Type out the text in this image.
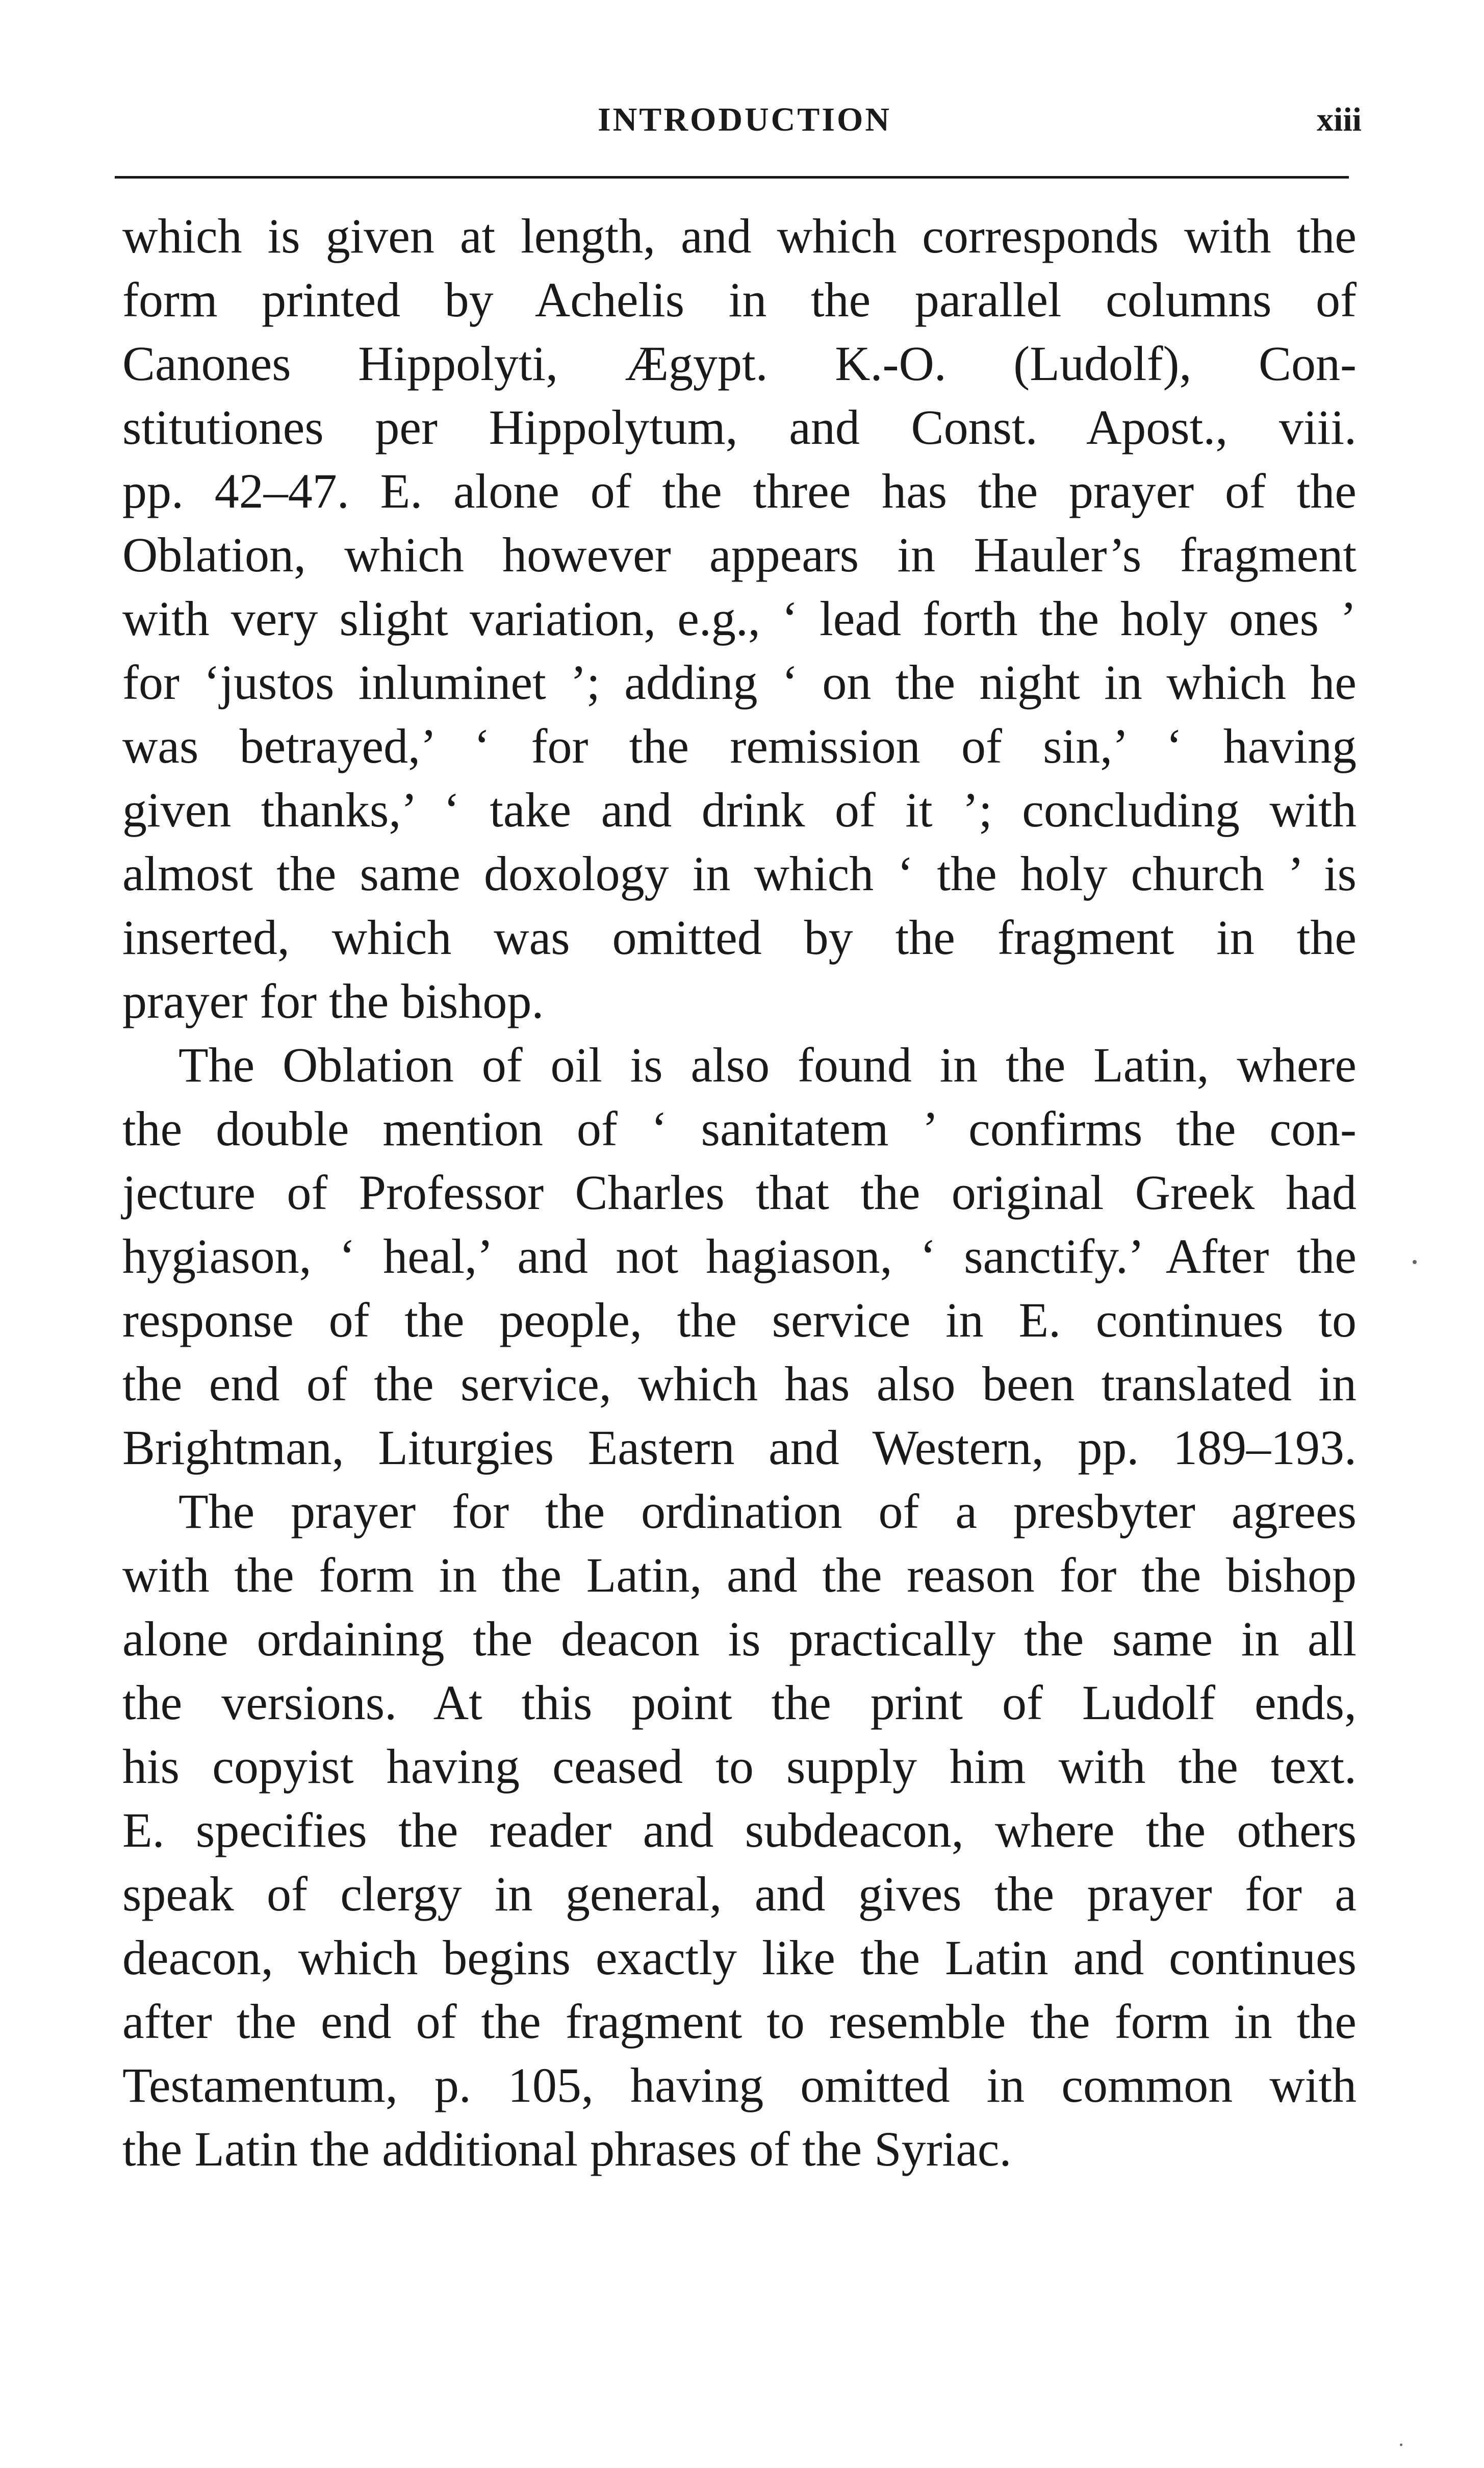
INTRODUCTION	xiii

which is given at length, and which corresponds with the
form printed by Achelis in the parallel columns of
Canones Hippolyti, Ægypt. K.-O. (Ludolf), Con-
stitutiones per Hippolytum, and Const. Apost., viii.
pp. 42–47. E. alone of the three has the prayer of the
Oblation, which however appears in Hauler’s fragment
with very slight variation, e.g., ‘ lead forth the holy ones ’
for ‘justos inluminet ’; adding ‘ on the night in which he
was betrayed,’ ‘ for the remission of sin,’ ‘ having
given thanks,’ ‘ take and drink of it ’; concluding with
almost the same doxology in which ‘ the holy church ’ is
inserted, which was omitted by the fragment in the
prayer for the bishop.

The Oblation of oil is also found in the Latin, where
the double mention of ‘ sanitatem ’ confirms the con-
jecture of Professor Charles that the original Greek had
hygiason, ‘ heal,’ and not hagiason, ‘ sanctify.’ After the
response of the people, the service in E. continues to
the end of the service, which has also been translated in
Brightman, Liturgies Eastern and Western, pp. 189–193.

The prayer for the ordination of a presbyter agrees
with the form in the Latin, and the reason for the bishop
alone ordaining the deacon is practically the same in all
the versions. At this point the print of Ludolf ends,
his copyist having ceased to supply him with the text.
E. specifies the reader and subdeacon, where the others
speak of clergy in general, and gives the prayer for a
deacon, which begins exactly like the Latin and continues
after the end of the fragment to resemble the form in the
Testamentum, p. 105, having omitted in common with
the Latin the additional phrases of the Syriac.
